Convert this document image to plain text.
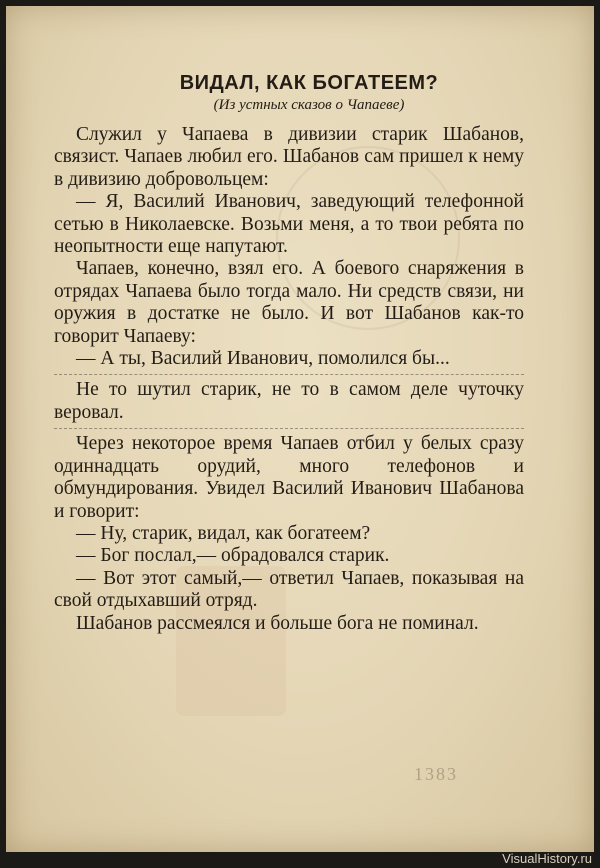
ВИДАЛ, КАК БОГАТЕЕМ?
(Из устных сказов о Чапаеве)

Служил у Чапаева в дивизии старик Шабанов, связист. Чапаев любил его. Шабанов сам пришел к нему в дивизию добровольцем:

— Я, Василий Иванович, заведующий телефонной сетью в Николаевске. Возьми меня, а то твои ребята по неопытности еще напутают.

Чапаев, конечно, взял его. А боевого снаряжения в отрядах Чапаева было тогда мало. Ни средств связи, ни оружия в достатке не было. И вот Шабанов как-то говорит Чапаеву:

— А ты, Василий Иванович, помолился бы...

Не то шутил старик, не то в самом деле чуточку веровал.

Через некоторое время Чапаев отбил у белых сразу одиннадцать орудий, много телефонов и обмундирования. Увидел Василий Иванович Шабанова и говорит:

— Ну, старик, видал, как богатеем?

— Бог послал,— обрадовался старик.

— Вот этот самый,— ответил Чапаев, показывая на свой отдыхавший отряд.

Шабанов рассмеялся и больше бога не поминал.

1383
VisualHistory.ru
